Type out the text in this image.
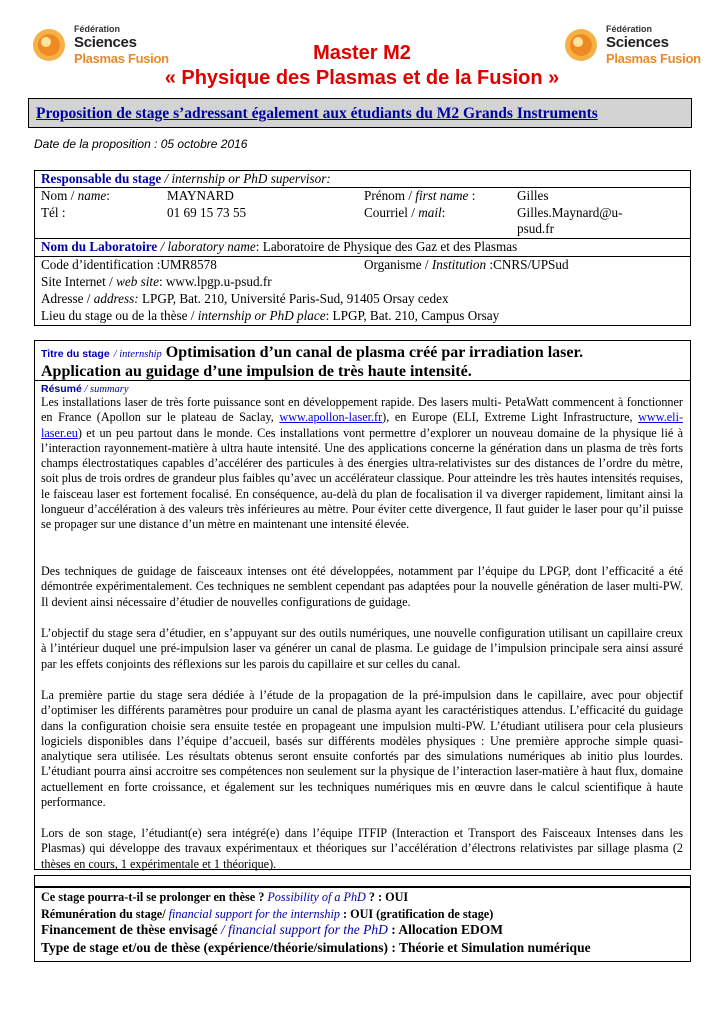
Fédération
Sciences
Plasmas Fusion
Fédération
Sciences
Plasmas Fusion
Master M2
« Physique des Plasmas et de la Fusion »
Proposition de stage s’adressant également aux étudiants du M2 Grands Instruments
Date de la proposition : 05 octobre 2016
Responsable du stage / internship or PhD supervisor:
Nom / name:	MAYNARD	Prénom / first name :	Gilles
Tél :	01 69 15 73 55	Courriel / mail:	Gilles.Maynard@u-
psud.fr
Nom du Laboratoire / laboratory name: Laboratoire de Physique des Gaz et des Plasmas
Code d’identification :UMR8578	Organisme / Institution :CNRS/UPSud
Site Internet / web site: www.lpgp.u-psud.fr
Adresse / address: LPGP, Bat. 210, Université Paris-Sud, 91405 Orsay cedex
Lieu du stage ou de la thèse / internship or PhD place: LPGP, Bat. 210, Campus Orsay
Titre du stage / internship Optimisation d’un canal de plasma créé par irradiation laser.
Application au guidage d’une impulsion de très haute intensité.
Résumé / summary
Les installations laser de très forte puissance sont en développement rapide. Des lasers multi- PetaWatt commencent à fonctionner en France (Apollon sur le plateau de Saclay, www.apollon-laser.fr), en Europe (ELI, Extreme Light Infrastructure, www.eli-laser.eu) et un peu partout dans le monde. Ces installations vont permettre d’explorer un nouveau domaine de la physique lié à l’interaction rayonnement-matière à ultra haute intensité. Une des applications concerne la génération dans un plasma de très forts champs électrostatiques capables d’accélérer des particules à des énergies ultra-relativistes sur des distances de l’ordre du mètre, soit plus de trois ordres de grandeur plus faibles qu’avec un accélérateur classique. Pour atteindre les très hautes intensités requises, le faisceau laser est fortement focalisé. En conséquence, au-delà du plan de focalisation il va diverger rapidement, limitant ainsi la longueur d’accélération à des valeurs très inférieures au mètre. Pour éviter cette divergence, Il faut guider le laser pour qu’il puisse se propager sur une distance d’un mètre en maintenant une intensité élevée.
Des techniques de guidage de faisceaux intenses ont été développées, notamment par l’équipe du LPGP, dont l’efficacité a été démontrée expérimentalement. Ces techniques ne semblent cependant pas adaptées pour la nouvelle génération de laser multi-PW. Il devient ainsi nécessaire d’étudier de nouvelles configurations de guidage.
L’objectif du stage sera d’étudier, en s’appuyant sur des outils numériques, une nouvelle configuration utilisant un capillaire creux à l’intérieur duquel une pré-impulsion laser va générer un canal de plasma. Le guidage de l’impulsion principale sera ainsi assuré par les effets conjoints des réflexions sur les parois du capillaire et sur celles du canal.
La première partie du stage sera dédiée à l’étude de la propagation de la pré-impulsion dans le capillaire, avec pour objectif d’optimiser les différents paramètres pour produire un canal de plasma ayant les caractéristiques attendus. L’efficacité du guidage dans la configuration choisie sera ensuite testée en propageant une impulsion multi-PW. L’étudiant utilisera pour cela plusieurs logiciels disponibles dans l’équipe d’accueil, basés sur différents modèles physiques : Une première approche simple quasi-analytique sera utilisée. Les résultats obtenus seront ensuite confortés par des simulations numériques ab initio plus lourdes. L’étudiant pourra ainsi accroitre ses compétences non seulement sur la physique de l’interaction laser-matière à haut flux, domaine actuellement en forte croissance, et également sur les techniques numériques mis en œuvre dans le calcul scientifique à haute performance.
Lors de son stage, l’étudiant(e) sera intégré(e) dans l’équipe ITFIP (Interaction et Transport des Faisceaux Intenses dans les Plasmas) qui développe des travaux expérimentaux et théoriques sur l’accélération d’électrons relativistes par sillage plasma (2 thèses en cours, 1 expérimentale et 1 théorique).
Ce stage pourra-t-il se prolonger en thèse ? Possibility of a PhD ? : OUI
Rémunération du stage/ financial support for the internship : OUI (gratification de stage)
Financement de thèse envisagé / financial support for the PhD : Allocation EDOM
Type de stage et/ou de thèse (expérience/théorie/simulations) : Théorie et Simulation numérique
